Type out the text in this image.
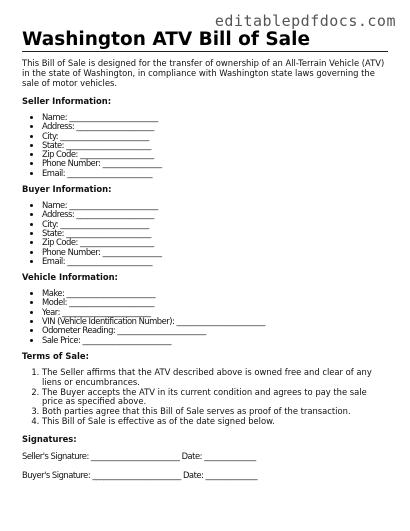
editablepdfdocs.com
Washington ATV Bill of Sale

This Bill of Sale is designed for the transfer of ownership of an All-Terrain Vehicle (ATV) in the state of Washington, in compliance with Washington state laws governing the sale of motor vehicles.

Seller Information:
• Name: ________________________
• Address: _____________________
• City: ________________________
• State: _______________________
• Zip Code: ____________________
• Phone Number: ________________
• Email: _______________________
Buyer Information:
• Name: ________________________
• Address: _____________________
• City: ________________________
• State: _______________________
• Zip Code: ____________________
• Phone Number: ________________
• Email: _______________________
Vehicle Information:
• Make: ________________________
• Model: _______________________
• Year: ________________________
• VIN (Vehicle Identification Number): ________________________
• Odometer Reading: ________________________
• Sale Price: ________________________
Terms of Sale:
1. The Seller affirms that the ATV described above is owned free and clear of any liens or encumbrances.
2. The Buyer accepts the ATV in its current condition and agrees to pay the sale price as specified above.
3. Both parties agree that this Bill of Sale serves as proof of the transaction.
4. This Bill of Sale is effective as of the date signed below.
Signatures:

Seller's Signature: ________________________ Date: ______________

Buyer's Signature: ________________________ Date: ______________
